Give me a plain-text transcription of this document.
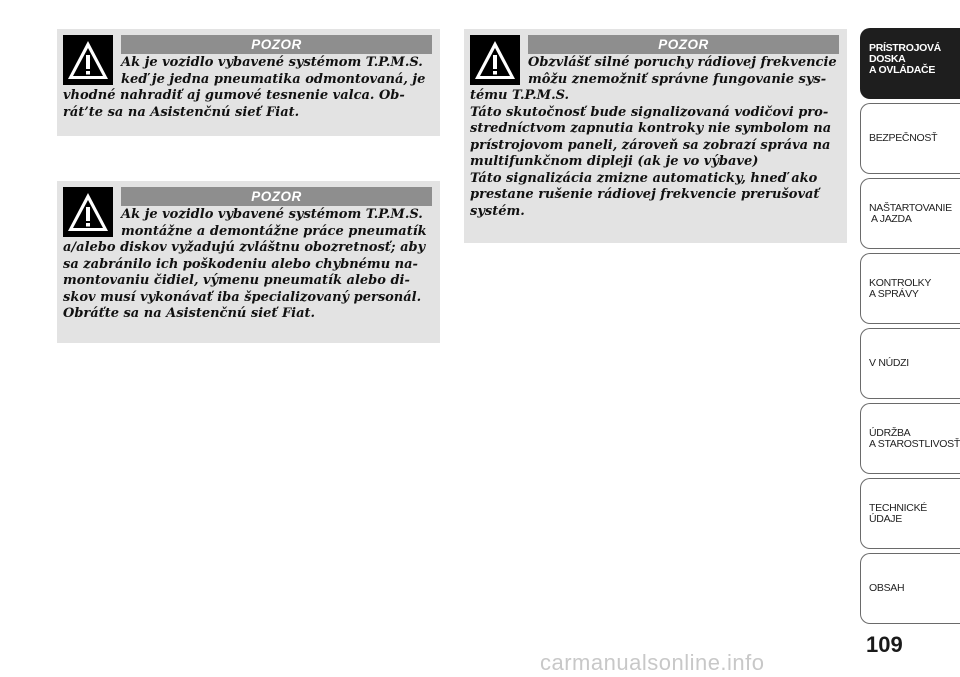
POZOR

Ak je vozidlo vybavené systémom T.P.M.S.
keď je jedna pneumatika odmontovaná, je
vhodné nahradiť aj gumové tesnenie valca. Ob-
rát’te sa na Asistenčnú sieť Fiat.

POZOR

Ak je vozidlo vybavené systémom T.P.M.S.
montážne a demontážne práce pneumatík
a/alebo diskov vyžadujú zvláštnu obozretnosť; aby
sa zabránilo ich poškodeniu alebo chybnému na-
montovaniu čidiel, výmenu pneumatík alebo di-
skov musí vykonávať iba špecializovaný personál.
Obráťte sa na Asistenčnú sieť Fiat.

POZOR

Obzvlášť silné poruchy rádiovej frekvencie
môžu znemožniť správne fungovanie sys-
tému T.P.M.S.
Táto skutočnosť bude signalizovaná vodičovi pro-
stredníctvom zapnutia kontroky nie symbolom na
prístrojovom paneli, zároveň sa zobrazí správa na
multifunkčnom dipleji (ak je vo výbave)
Táto signalizácia zmizne automaticky, hneď ako
prestane rušenie rádiovej frekvencie prerušovať
systém.

PRÍSTROJOVÁ
DOSKA
A OVLÁDAČE
BEZPEČNOSŤ
NAŠTARTOVANIE
A JAZDA
KONTROLKY
A SPRÁVY
V NÚDZI
ÚDRŽBA
A STAROSTLIVOSŤ
TECHNICKÉ ÚDAJE
OBSAH
109
carmanualsonline.info
